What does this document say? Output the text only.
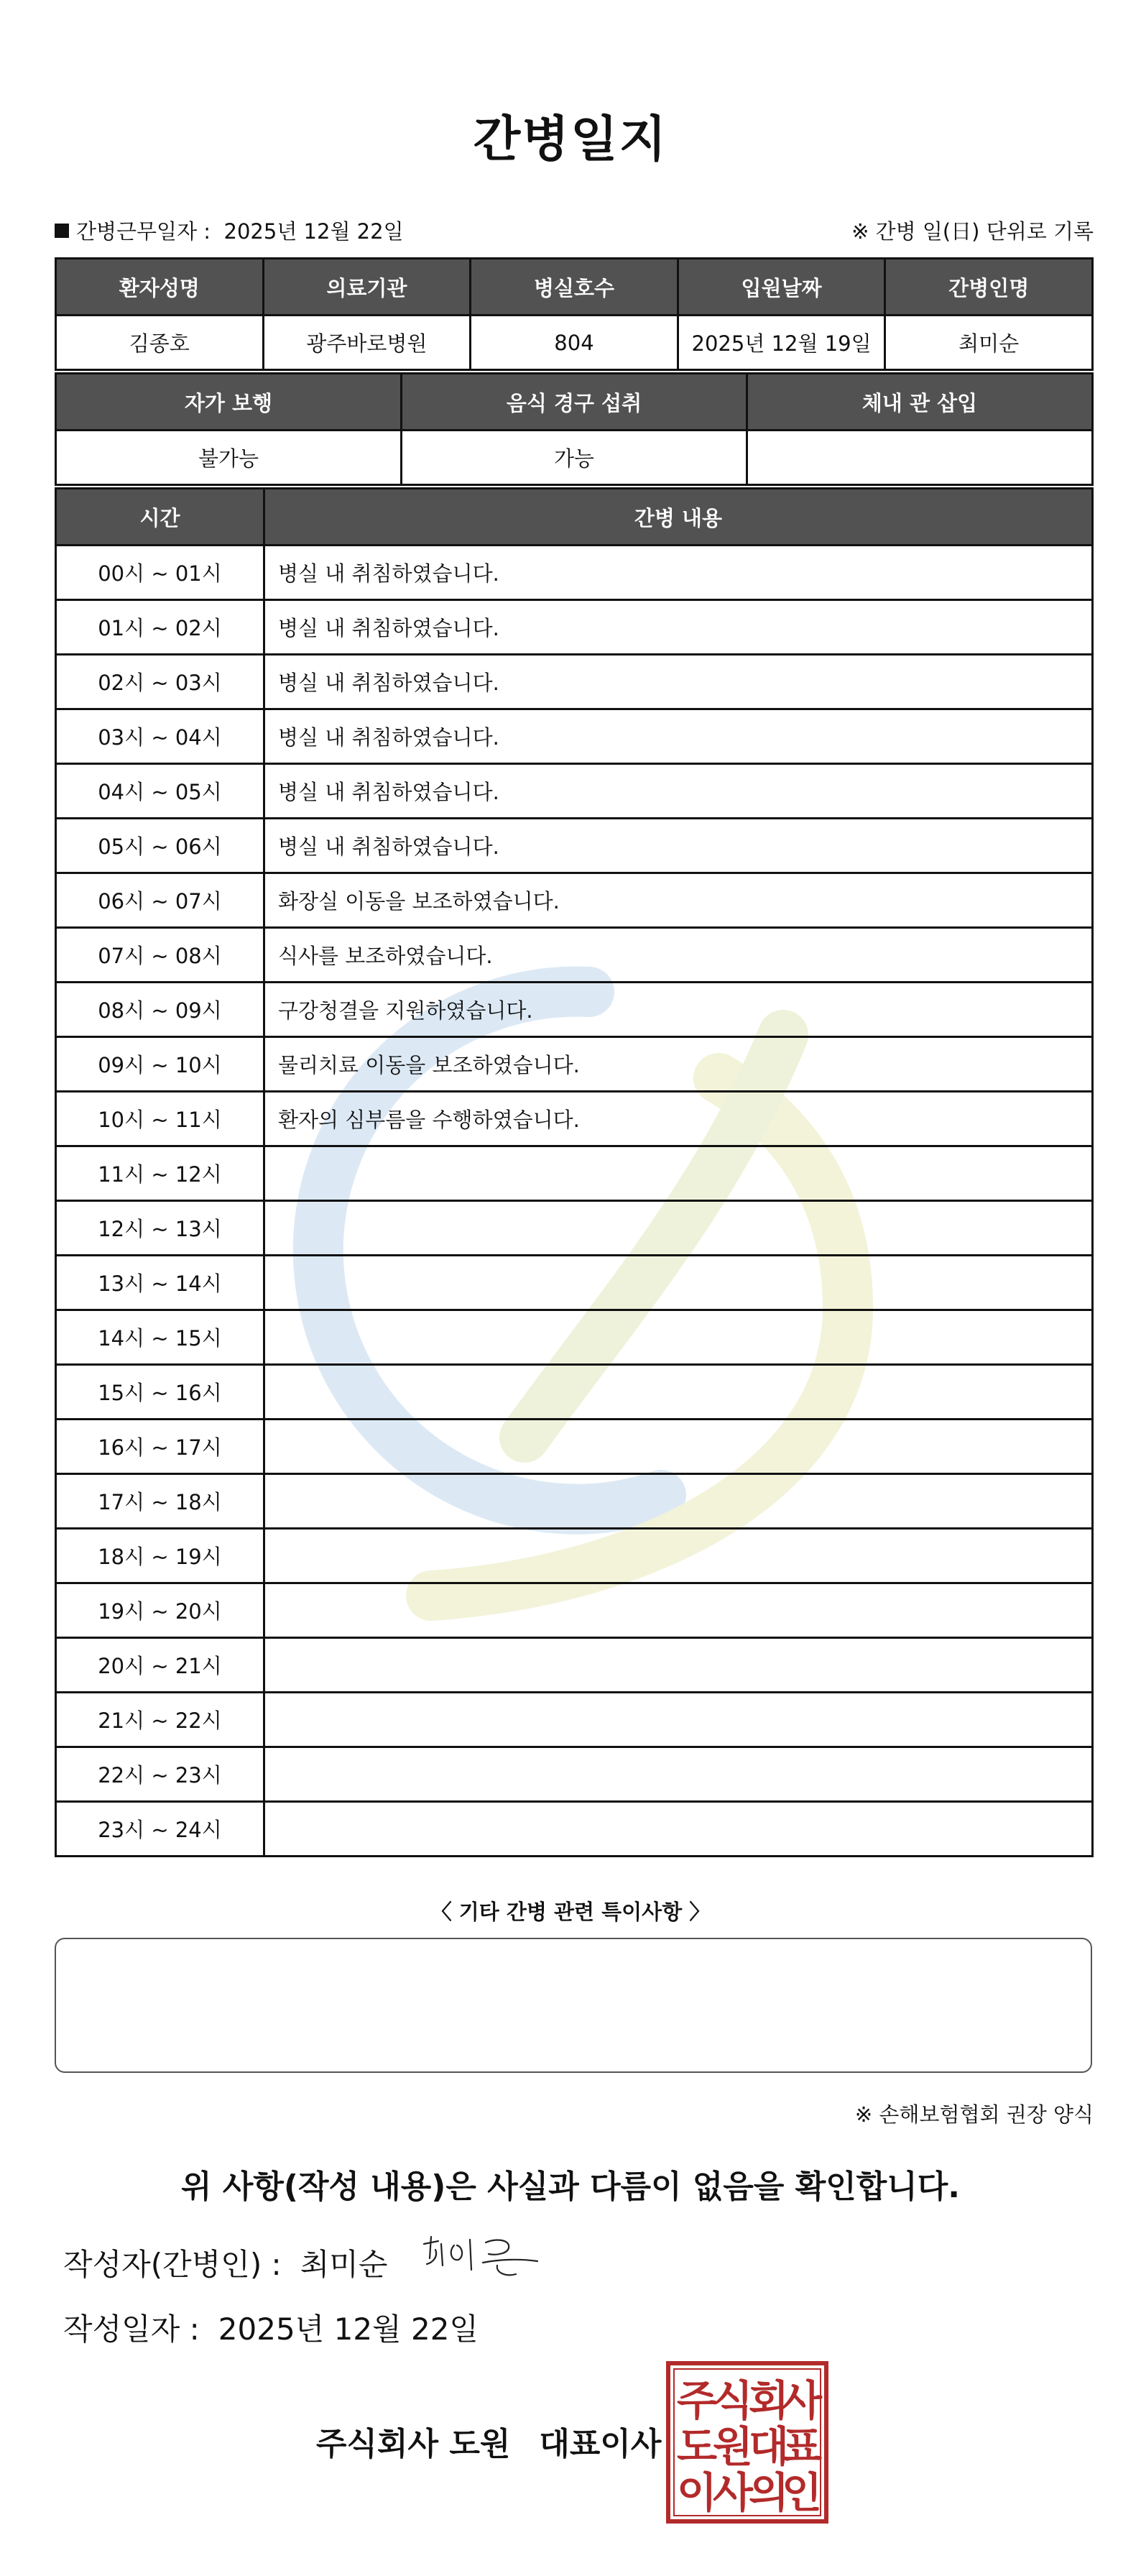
간병일지
간병근무일자 : 2025년 12월 22일	※ 간병 일(日) 단위로 기록
환자성명	의료기관	병실호수	입원날짜	간병인명
김종호	광주바로병원	804	2025년 12월 19일	최미순
자가 보행	음식 경구 섭취	체내 관 삽입
불가능	가능	
시간	간병 내용
00시 ~ 01시	병실 내 취침하였습니다.
01시 ~ 02시	병실 내 취침하였습니다.
02시 ~ 03시	병실 내 취침하였습니다.
03시 ~ 04시	병실 내 취침하였습니다.
04시 ~ 05시	병실 내 취침하였습니다.
05시 ~ 06시	병실 내 취침하였습니다.
06시 ~ 07시	화장실 이동을 보조하였습니다.
07시 ~ 08시	식사를 보조하였습니다.
08시 ~ 09시	구강청결을 지원하였습니다.
09시 ~ 10시	물리치료 이동을 보조하였습니다.
10시 ~ 11시	환자의 심부름을 수행하였습니다.
11시 ~ 12시	
12시 ~ 13시	
13시 ~ 14시	
14시 ~ 15시	
15시 ~ 16시	
16시 ~ 17시	
17시 ~ 18시	
18시 ~ 19시	
19시 ~ 20시	
20시 ~ 21시	
21시 ~ 22시	
22시 ~ 23시	
23시 ~ 24시	
〈 기타 간병 관련 특이사항 〉
※ 손해보험협회 권장 양식
위 사항(작성 내용)은 사실과 다름이 없음을 확인합니다.
작성자(간병인) : 최미순
작성일자 : 2025년 12월 22일
주식회사 도원 대표이사
주
식
회
사
도
원
대
표
이
사
의
인
